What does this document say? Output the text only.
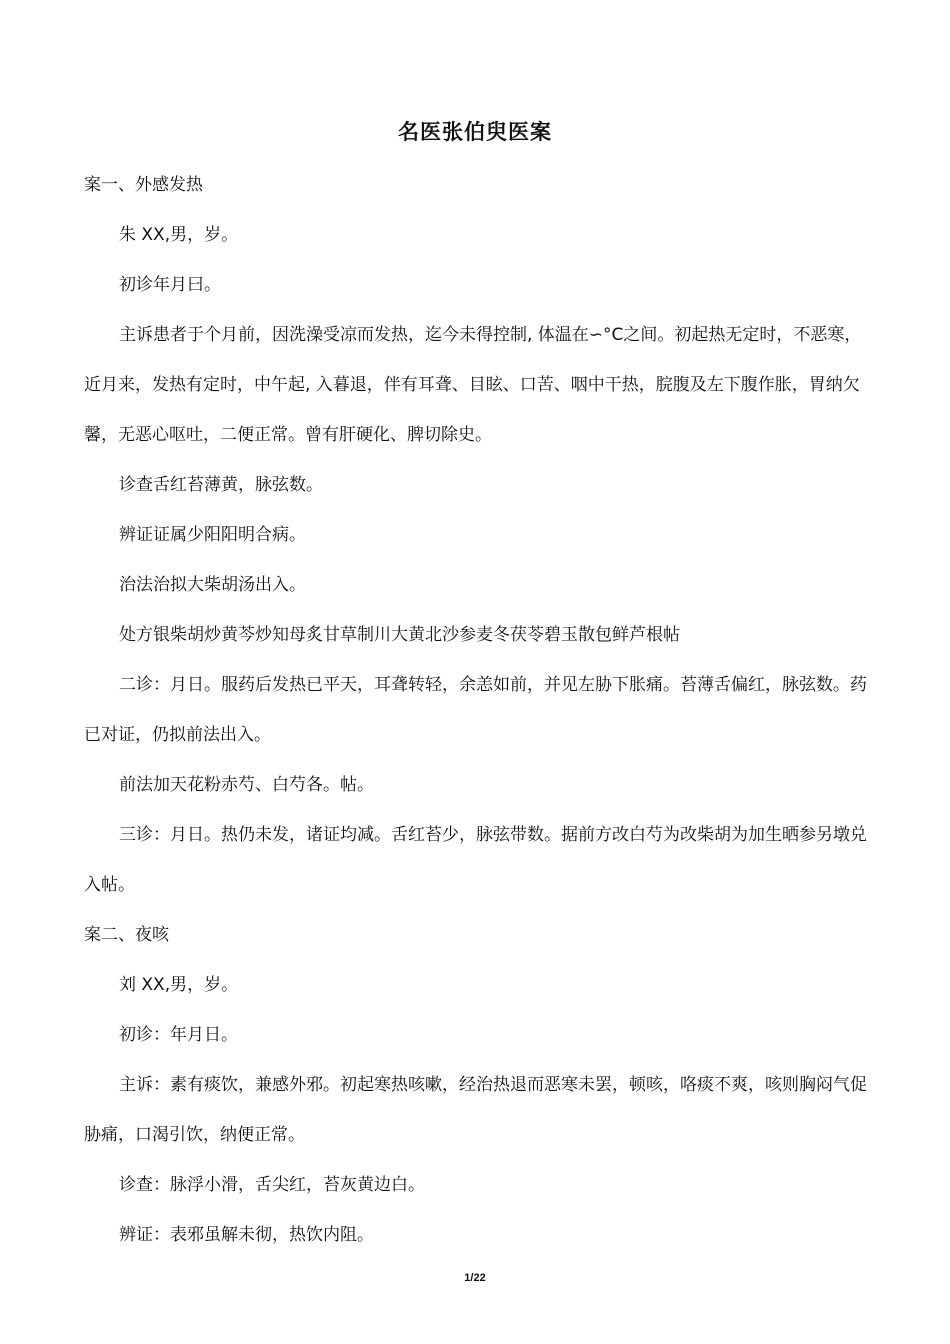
名医张伯臾医案

案一、外感发热

朱 XX,男，岁。

初诊年月曰。

主诉患者于个月前，因洗澡受凉而发热，迄今未得控制, 体温在∽°C之间。初起热无定时，不恶寒，近月来，发热有定时，中午起, 入暮退，伴有耳聋、目眩、口苦、咽中干热，脘腹及左下腹作胀，胃纳欠馨，无恶心呕吐，二便正常。曾有肝硬化、脾切除史。

诊查舌红苔薄黄，脉弦数。

辨证证属少阳阳明合病。

治法治拟大柴胡汤出入。

处方银柴胡炒黄芩炒知母炙甘草制川大黄北沙参麦冬茯苓碧玉散包鲜芦根帖

二诊：月日。服药后发热已平天，耳聋转轻，余恙如前，并见左胁下胀痛。苔薄舌偏红，脉弦数。药已对证，仍拟前法出入。

前法加天花粉赤芍、白芍各。帖。

三诊：月日。热仍未发，诸证均减。舌红苔少，脉弦带数。据前方改白芍为改柴胡为加生晒参另墩兑入帖。

案二、夜咳

刘 XX,男，岁。

初诊：年月日。

主诉：素有痰饮，兼感外邪。初起寒热咳嗽，经治热退而恶寒未罢，顿咳，咯痰不爽，咳则胸闷气促胁痛，口渴引饮，纳便正常。

诊查：脉浮小滑，舌尖红，苔灰黄边白。

辨证：表邪虽解未彻，热饮内阻。

1/22
